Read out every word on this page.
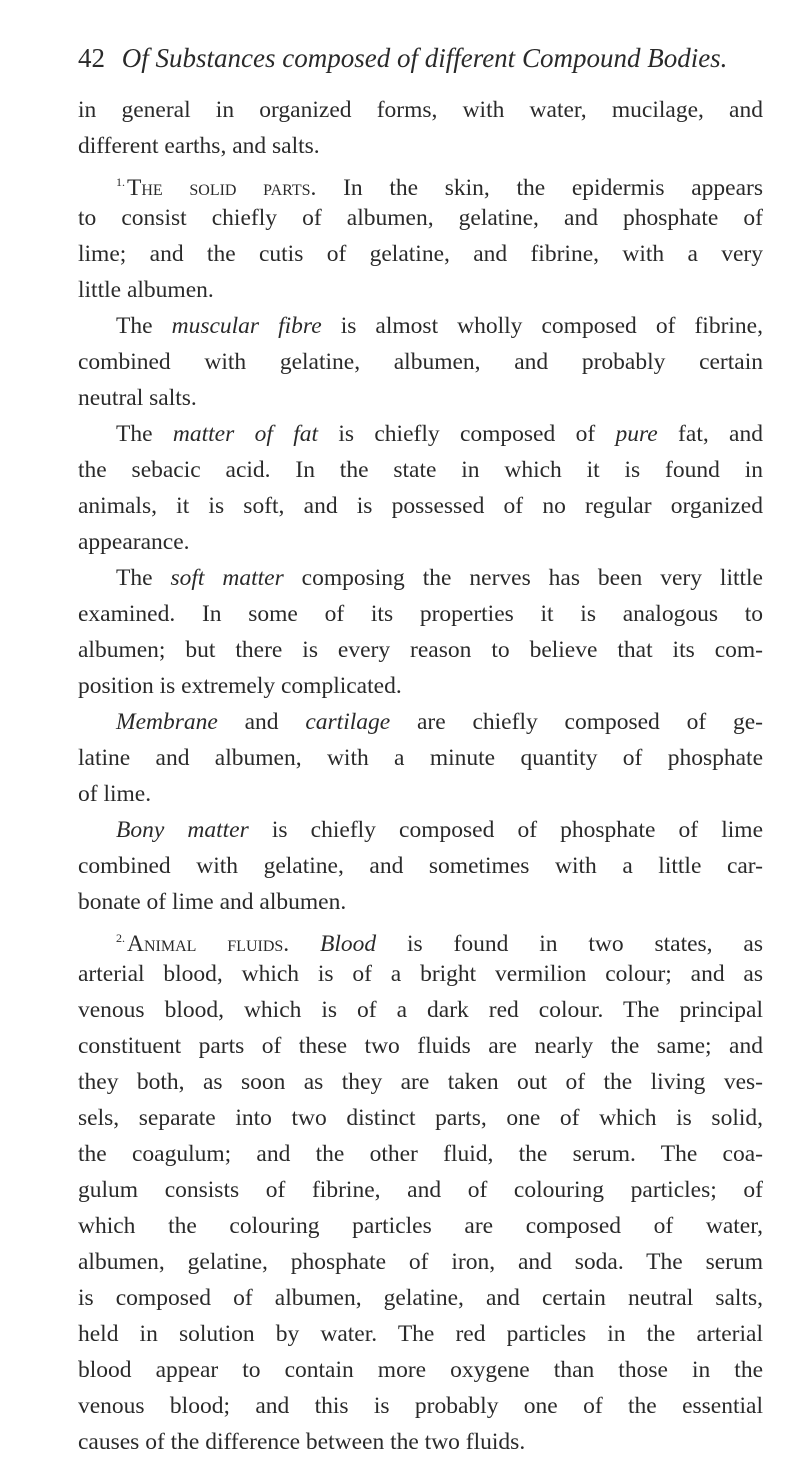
42 Of Substances composed of different Compound Bodies.
in general in organized forms, with water, mucilage, and
different earths, and salts.
$^{1.}$The solid parts. In the skin, the epidermis appears
to consist chiefly of albumen, gelatine, and phosphate of
lime; and the cutis of gelatine, and fibrine, with a very
little albumen.
The muscular fibre is almost wholly composed of fibrine,
combined with gelatine, albumen, and probably certain
neutral salts.
The matter of fat is chiefly composed of pure fat, and
the sebacic acid. In the state in which it is found in
animals, it is soft, and is possessed of no regular organized
appearance.
The soft matter composing the nerves has been very little
examined. In some of its properties it is analogous to
albumen; but there is every reason to believe that its com-
position is extremely complicated.
Membrane and cartilage are chiefly composed of ge-
latine and albumen, with a minute quantity of phosphate
of lime.
Bony matter is chiefly composed of phosphate of lime
combined with gelatine, and sometimes with a little car-
bonate of lime and albumen.
$^{2.}$Animal fluids. Blood is found in two states, as
arterial blood, which is of a bright vermilion colour; and as
venous blood, which is of a dark red colour. The principal
constituent parts of these two fluids are nearly the same; and
they both, as soon as they are taken out of the living ves-
sels, separate into two distinct parts, one of which is solid,
the coagulum; and the other fluid, the serum. The coa-
gulum consists of fibrine, and of colouring particles; of
which the colouring particles are composed of water,
albumen, gelatine, phosphate of iron, and soda. The serum
is composed of albumen, gelatine, and certain neutral salts,
held in solution by water. The red particles in the arterial
blood appear to contain more oxygene than those in the
venous blood; and this is probably one of the essential
causes of the difference between the two fluids.
